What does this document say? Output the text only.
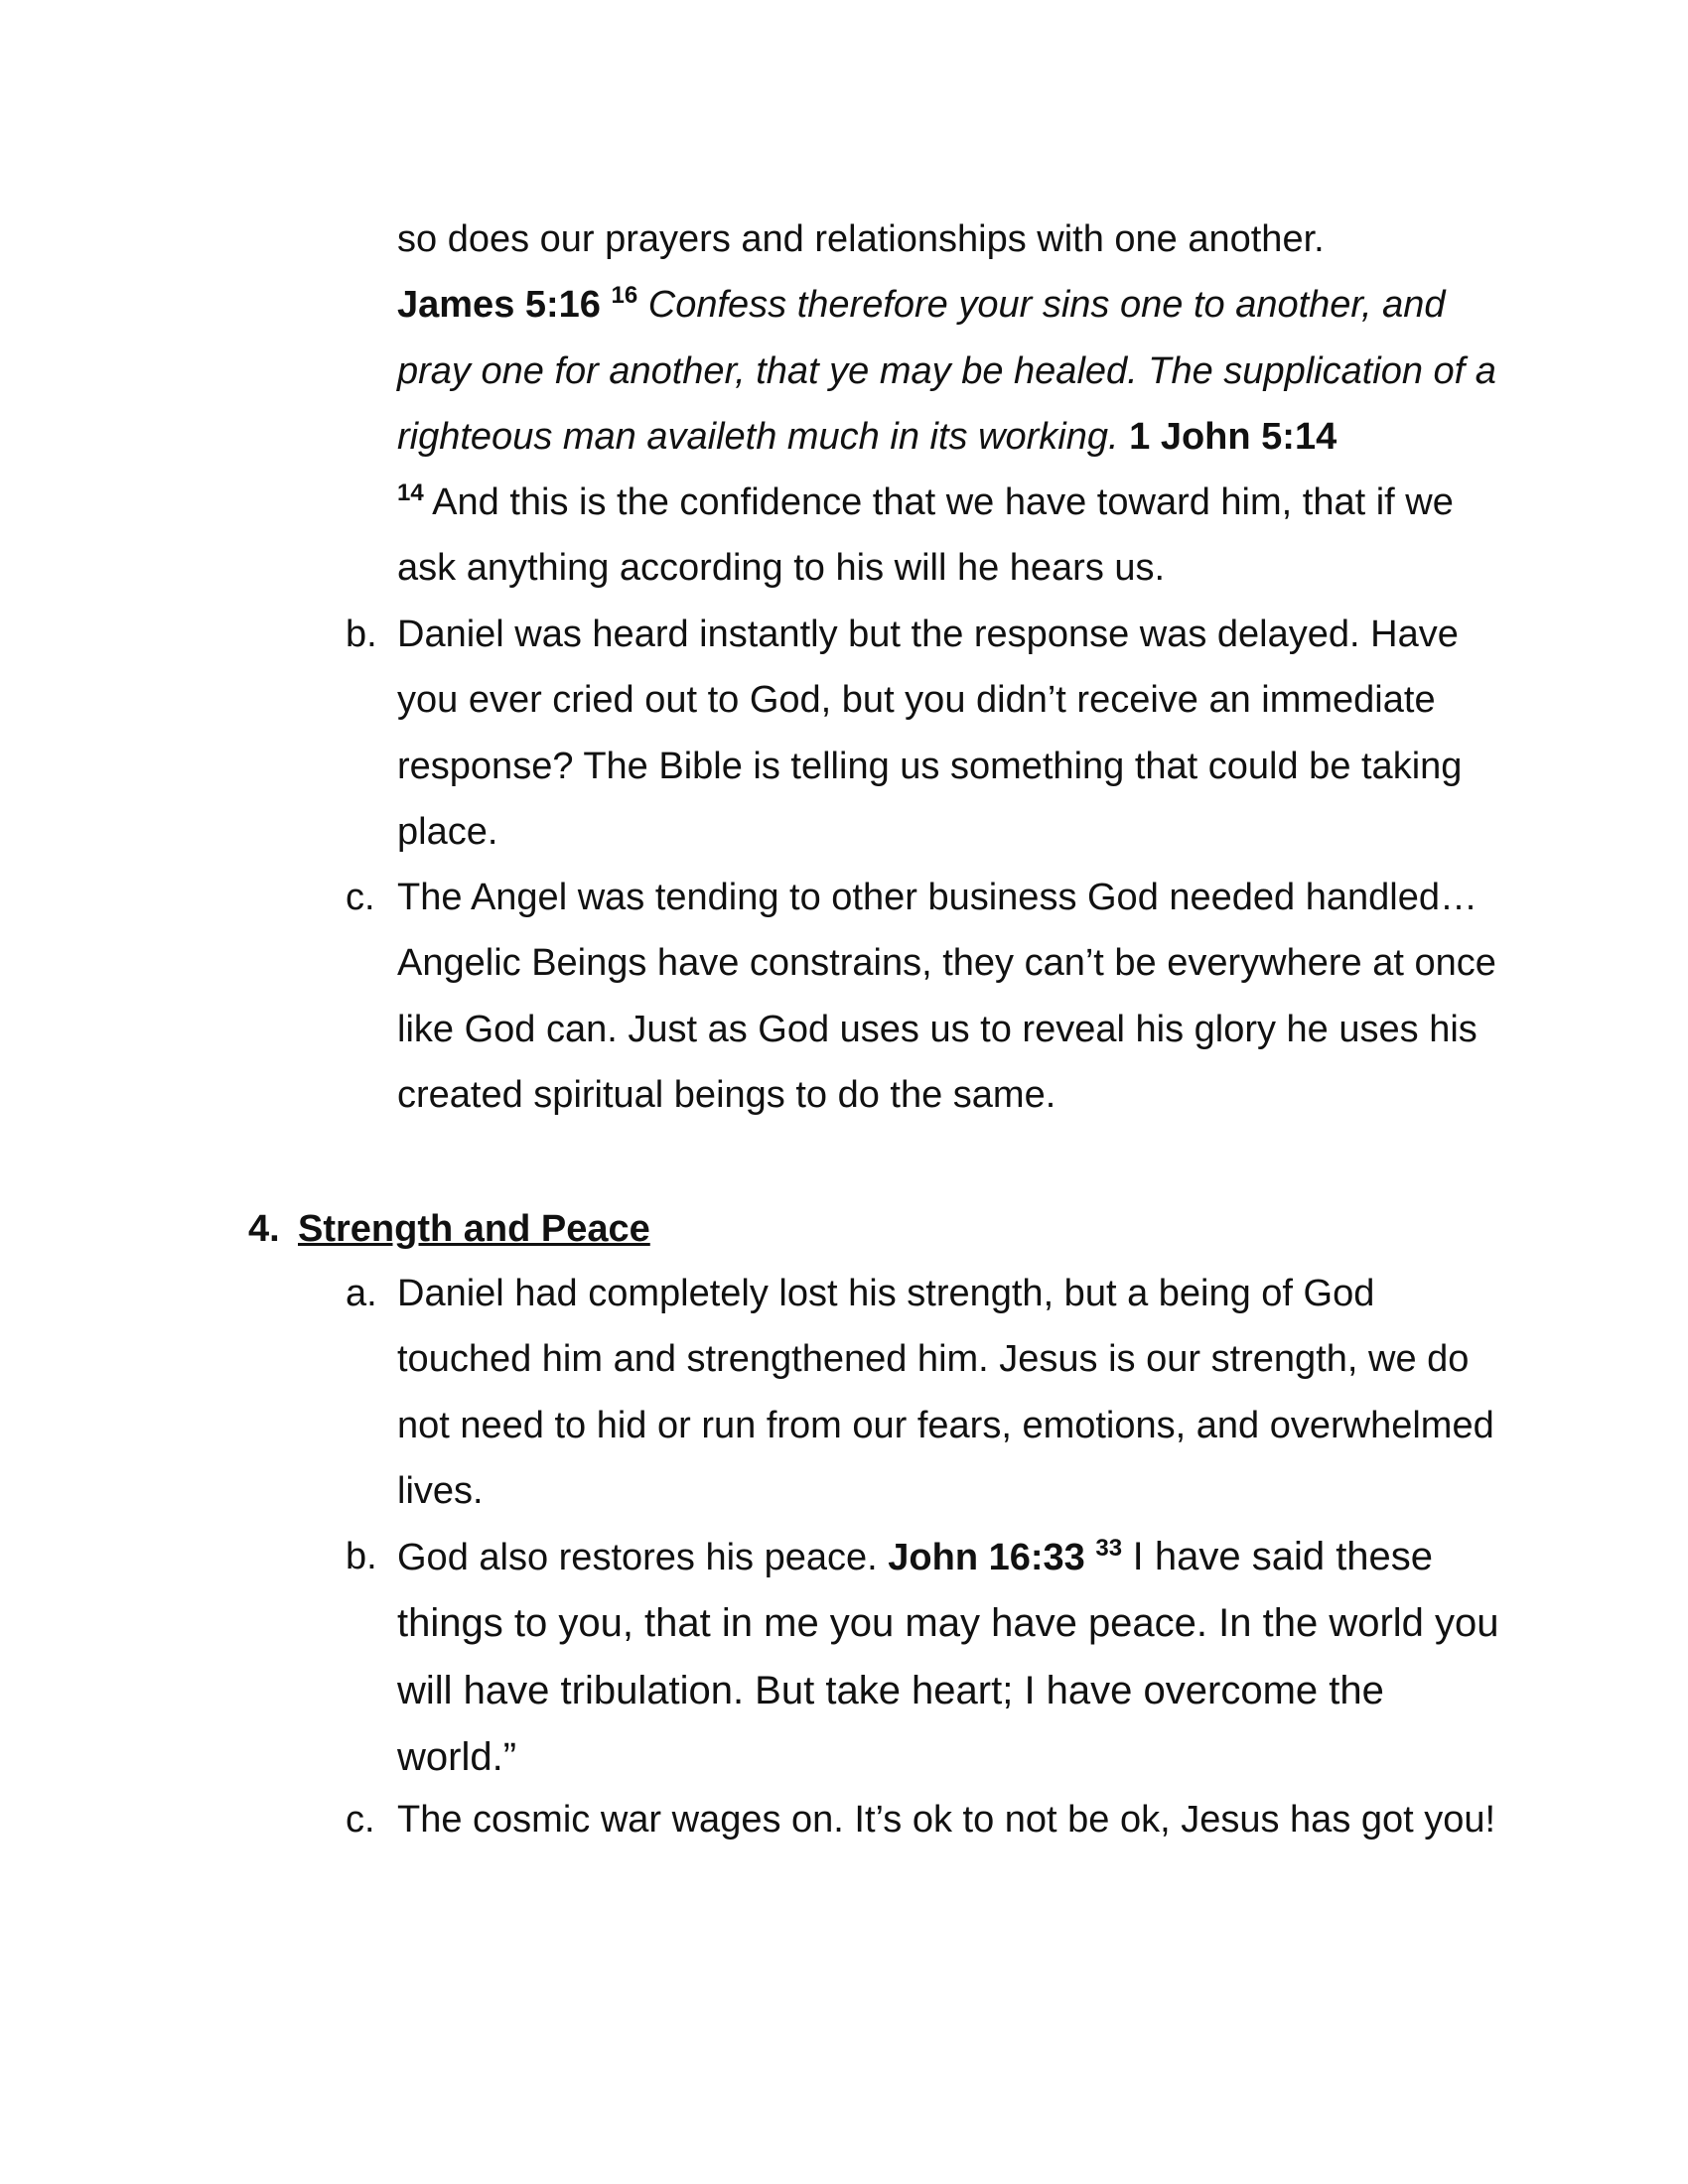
so does our prayers and relationships with one another.
James 5:16 $^{16}$ Confess therefore your sins one to another, and pray one for another, that ye may be healed. The supplication of a righteous man availeth much in its working. 1 John 5:14
$^{14}$ And this is the confidence that we have toward him, that if we ask anything according to his will he hears us.
b. Daniel was heard instantly but the response was delayed. Have you ever cried out to God, but you didn’t receive an immediate response? The Bible is telling us something that could be taking place.
c. The Angel was tending to other business God needed handled… Angelic Beings have constrains, they can’t be everywhere at once like God can. Just as God uses us to reveal his glory he uses his created spiritual beings to do the same.
4. Strength and Peace
a. Daniel had completely lost his strength, but a being of God touched him and strengthened him. Jesus is our strength, we do not need to hid or run from our fears, emotions, and overwhelmed lives.
b. God also restores his peace. John 16:33 $^{33}$ I have said these things to you, that in me you may have peace. In the world you will have tribulation. But take heart; I have overcome the world.”
c. The cosmic war wages on. It’s ok to not be ok, Jesus has got you!
